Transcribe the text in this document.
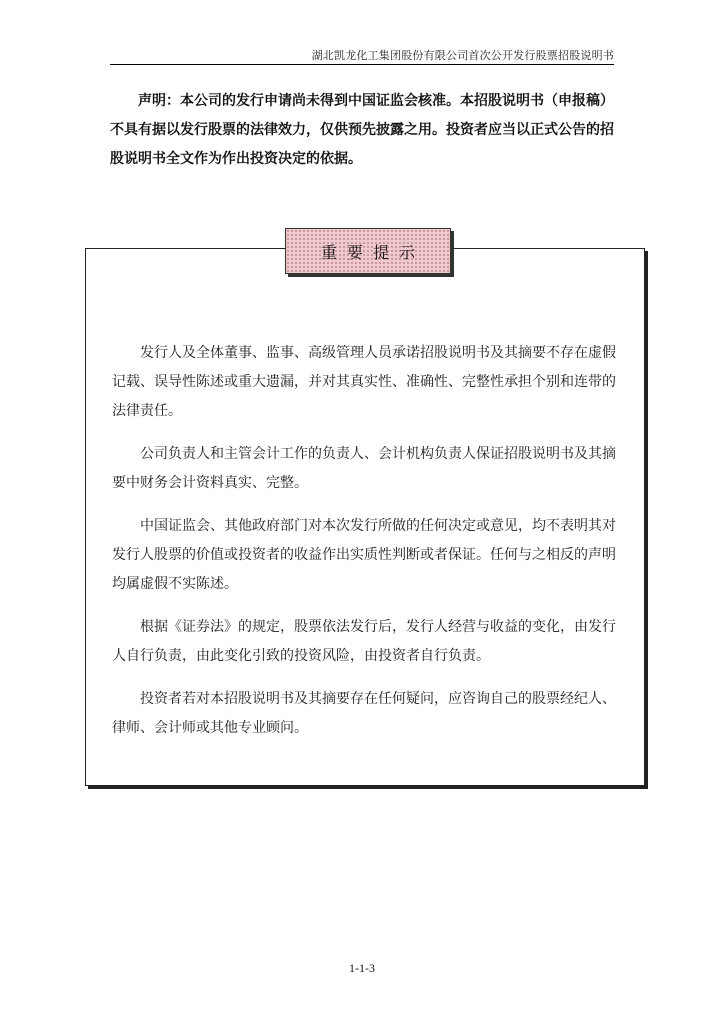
湖北凯龙化工集团股份有限公司首次公开发行股票招股说明书

声明：本公司的发行申请尚未得到中国证监会核准。本招股说明书（申报稿）不具有据以发行股票的法律效力，仅供预先披露之用。投资者应当以正式公告的招股说明书全文作为作出投资决定的依据。

重要提示

发行人及全体董事、监事、高级管理人员承诺招股说明书及其摘要不存在虚假记载、误导性陈述或重大遗漏，并对其真实性、准确性、完整性承担个别和连带的法律责任。

公司负责人和主管会计工作的负责人、会计机构负责人保证招股说明书及其摘要中财务会计资料真实、完整。

中国证监会、其他政府部门对本次发行所做的任何决定或意见，均不表明其对发行人股票的价值或投资者的收益作出实质性判断或者保证。任何与之相反的声明均属虚假不实陈述。

根据《证券法》的规定，股票依法发行后，发行人经营与收益的变化，由发行人自行负责，由此变化引致的投资风险，由投资者自行负责。

投资者若对本招股说明书及其摘要存在任何疑问，应咨询自己的股票经纪人、律师、会计师或其他专业顾问。

1-1-3
